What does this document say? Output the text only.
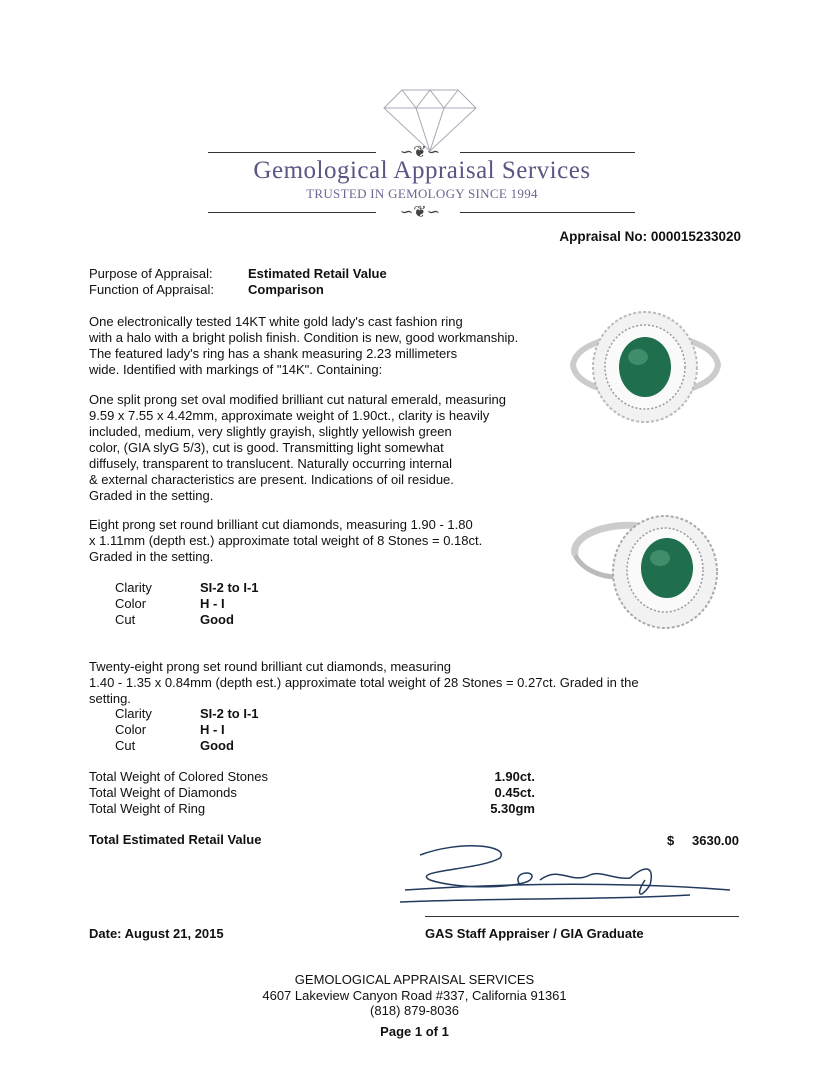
∽❦∽
Gemological Appraisal Services
TRUSTED IN GEMOLOGY SINCE 1994
∽❦∽
Appraisal No: 000015233020
Purpose of Appraisal:	Estimated Retail Value
Function of Appraisal:	Comparison
One electronically tested 14KT white gold lady's cast fashion ring
with a halo with a bright polish finish. Condition is new, good workmanship.
The featured lady's ring has a shank measuring 2.23 millimeters
wide. Identified with markings of "14K". Containing:
One split prong set oval modified brilliant cut natural emerald, measuring
9.59 x 7.55 x 4.42mm, approximate weight of 1.90ct., clarity is heavily
included, medium, very slightly grayish, slightly yellowish green
color, (GIA slyG 5/3), cut is good. Transmitting light somewhat
diffusely, transparent to translucent. Naturally occurring internal
& external characteristics are present. Indications of oil residue.
Graded in the setting.
Eight prong set round brilliant cut diamonds, measuring 1.90 - 1.80
x 1.11mm (depth est.) approximate total weight of 8 Stones = 0.18ct.
Graded in the setting.
Clarity	SI-2 to I-1
Color	H - I
Cut	Good
Twenty-eight prong set round brilliant cut diamonds, measuring
1.40 - 1.35 x 0.84mm (depth est.) approximate total weight of 28 Stones = 0.27ct. Graded in the
setting.
Clarity	SI-2 to I-1
Color	H - I
Cut	Good
Total Weight of Colored Stones	1.90ct.
Total Weight of Diamonds	0.45ct.
Total Weight of Ring	5.30gm
Total Estimated Retail Value	$ 3630.00
Date: August 21, 2015	GAS Staff Appraiser / GIA Graduate
GEMOLOGICAL APPRAISAL SERVICES
4607 Lakeview Canyon Road #337, California 91361
(818) 879-8036
Page 1 of 1
